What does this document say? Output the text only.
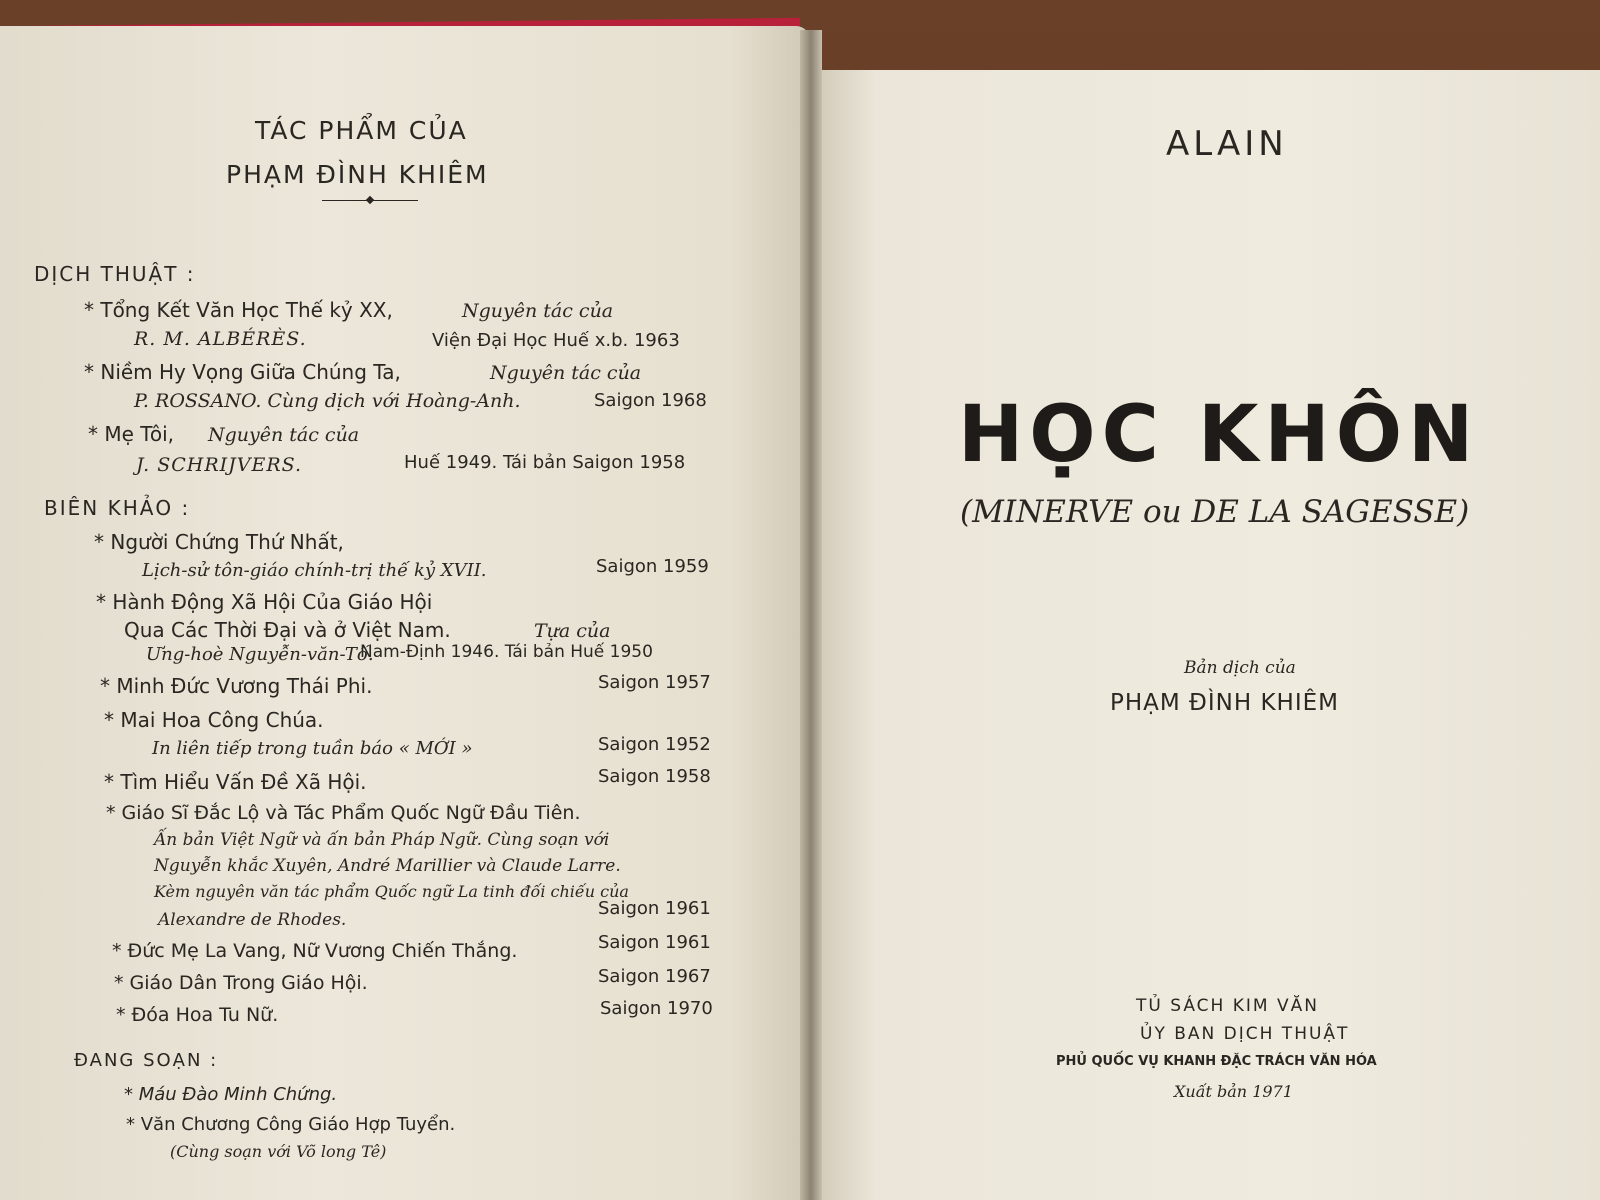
TÁC PHẨM CỦA
PHẠM ĐÌNH KHIÊM
DỊCH THUẬT :
* Tổng Kết Văn Học Thế kỷ XX,	Nguyên tác của
R. M. ALBÉRÈS.	Viện Đại Học Huế x.b. 1963
* Niềm Hy Vọng Giữa Chúng Ta,	Nguyên tác của
P. ROSSANO. Cùng dịch với Hoàng-Anh.	Saigon 1968
* Mẹ Tôi, Nguyên tác của
J. SCHRIJVERS.	Huế 1949. Tái bản Saigon 1958
BIÊN KHẢO :
* Người Chứng Thứ Nhất,
Lịch-sử tôn-giáo chính-trị thế kỷ XVII.	Saigon 1959
* Hành Động Xã Hội Của Giáo Hội
Qua Các Thời Đại và ở Việt Nam.	Tựa của
Ưng-hoè Nguyễn-văn-Tố.
Nam-Định 1946. Tái bản Huế 1950
* Minh Đức Vương Thái Phi.	Saigon 1957
* Mai Hoa Công Chúa.
In liên tiếp trong tuần báo « MỚI »	Saigon 1952
* Tìm Hiểu Vấn Đề Xã Hội.	Saigon 1958
* Giáo Sĩ Đắc Lộ và Tác Phẩm Quốc Ngữ Đầu Tiên.
Ấn bản Việt Ngữ và ấn bản Pháp Ngữ. Cùng soạn với
Nguyễn khắc Xuyên, André Marillier và Claude Larre.
Kèm nguyên văn tác phẩm Quốc ngữ La tinh đối chiếu của
Alexandre de Rhodes.
Saigon 1961
* Đức Mẹ La Vang, Nữ Vương Chiến Thắng.	Saigon 1961
* Giáo Dân Trong Giáo Hội.	Saigon 1967
* Đóa Hoa Tu Nữ.	Saigon 1970
ĐANG SOẠN :
* Máu Đào Minh Chứng.
* Văn Chương Công Giáo Hợp Tuyển.
(Cùng soạn với Võ long Tê)
ALAIN
HỌC KHÔN
(MINERVE ou DE LA SAGESSE)
Bản dịch của
PHẠM ĐÌNH KHIÊM
TỦ SÁCH KIM VĂN
ỦY BAN DỊCH THUẬT
PHỦ QUỐC VỤ KHANH ĐẶC TRÁCH VĂN HÓA
Xuất bản 1971
